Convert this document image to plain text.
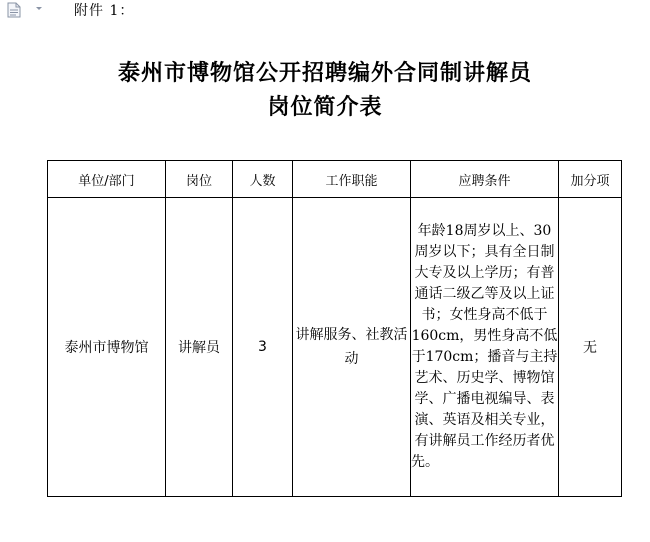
附件 1：
泰州市博物馆公开招聘编外合同制讲解员
岗位简介表
单位/部门	岗位	人数	工作职能	应聘条件	加分项
泰州市博物馆	讲解员	3	讲解服务、社教活动	年龄18周岁以上、30周岁以下；具有全日制大专及以上学历；有普通话二级乙等及以上证书；女性身高不低于160cm，男性身高不低于170cm；播音与主持艺术、历史学、博物馆学、广播电视编导、表演、英语及相关专业，有讲解员工作经历者优先。	无
